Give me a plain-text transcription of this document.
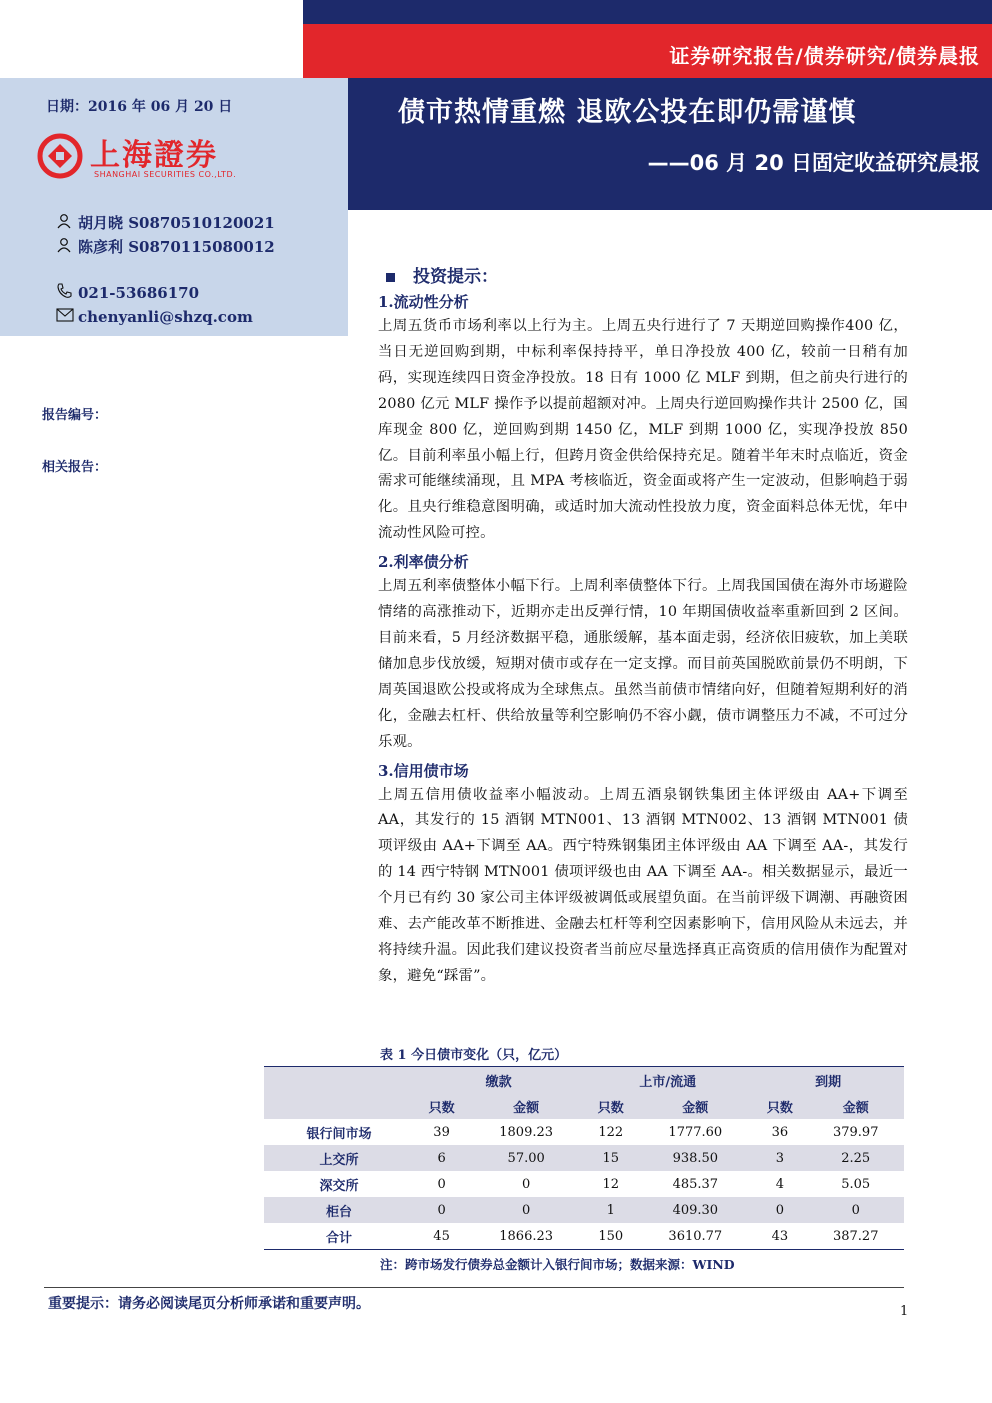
证券研究报告/债券研究/债券晨报
债市热情重燃 退欧公投在即仍需谨慎
——06 月 20 日固定收益研究晨报
日期：2016 年 06 月 20 日
上海證券
SHANGHAI SECURITIES CO.,LTD.
胡月晓 S0870510120021
陈彦利 S0870115080012
021-53686170
chenyanli@shzq.com
报告编号：
相关报告：
投资提示：
1.流动性分析
上周五货币市场利率以上行为主。上周五央行进行了 7 天期逆回购操作400 亿，当日无逆回购到期，中标利率保持持平，单日净投放 400 亿，较前一日稍有加码，实现连续四日资金净投放。18 日有 1000 亿 MLF 到期，但之前央行进行的 2080 亿元 MLF 操作予以提前超额对冲。上周央行逆回购操作共计 2500 亿，国库现金 800 亿，逆回购到期 1450 亿，MLF 到期 1000 亿，实现净投放 850 亿。目前利率虽小幅上行，但跨月资金供给保持充足。随着半年末时点临近，资金需求可能继续涌现，且 MPA 考核临近，资金面或将产生一定波动，但影响趋于弱化。且央行维稳意图明确，或适时加大流动性投放力度，资金面料总体无忧，年中流动性风险可控。
2.利率债分析
上周五利率债整体小幅下行。上周利率债整体下行。上周我国国债在海外市场避险情绪的高涨推动下，近期亦走出反弹行情，10 年期国债收益率重新回到 2 区间。目前来看，5 月经济数据平稳，通胀缓解，基本面走弱，经济依旧疲软，加上美联储加息步伐放缓，短期对债市或存在一定支撑。而目前英国脱欧前景仍不明朗，下周英国退欧公投或将成为全球焦点。虽然当前债市情绪向好，但随着短期利好的消化，金融去杠杆、供给放量等利空影响仍不容小觑，债市调整压力不减，不可过分乐观。
3.信用债市场
上周五信用债收益率小幅波动。上周五酒泉钢铁集团主体评级由 AA+下调至 AA，其发行的 15 酒钢 MTN001、13 酒钢 MTN002、13 酒钢 MTN001 债项评级由 AA+下调至 AA。西宁特殊钢集团主体评级由 AA 下调至 AA-，其发行的 14 西宁特钢 MTN001 债项评级也由 AA 下调至 AA-。相关数据显示，最近一个月已有约 30 家公司主体评级被调低或展望负面。在当前评级下调潮、再融资困难、去产能改革不断推进、金融去杠杆等利空因素影响下，信用风险从未远去，并将持续升温。因此我们建议投资者当前应尽量选择真正高资质的信用债作为配置对象，避免“踩雷”。
表 1 今日债市变化（只，亿元）
	缴款		上市/流通		到期	
	只数	金额	只数	金额	只数	金额
银行间市场	39	1809.23	122	1777.60	36	379.97
上交所	6	57.00	15	938.50	3	2.25
深交所	0	0	12	485.37	4	5.05
柜台	0	0	1	409.30	0	0
合计	45	1866.23	150	3610.77	43	387.27
注：跨市场发行债券总金额计入银行间市场；数据来源：WIND
重要提示：请务必阅读尾页分析师承诺和重要声明。	1
